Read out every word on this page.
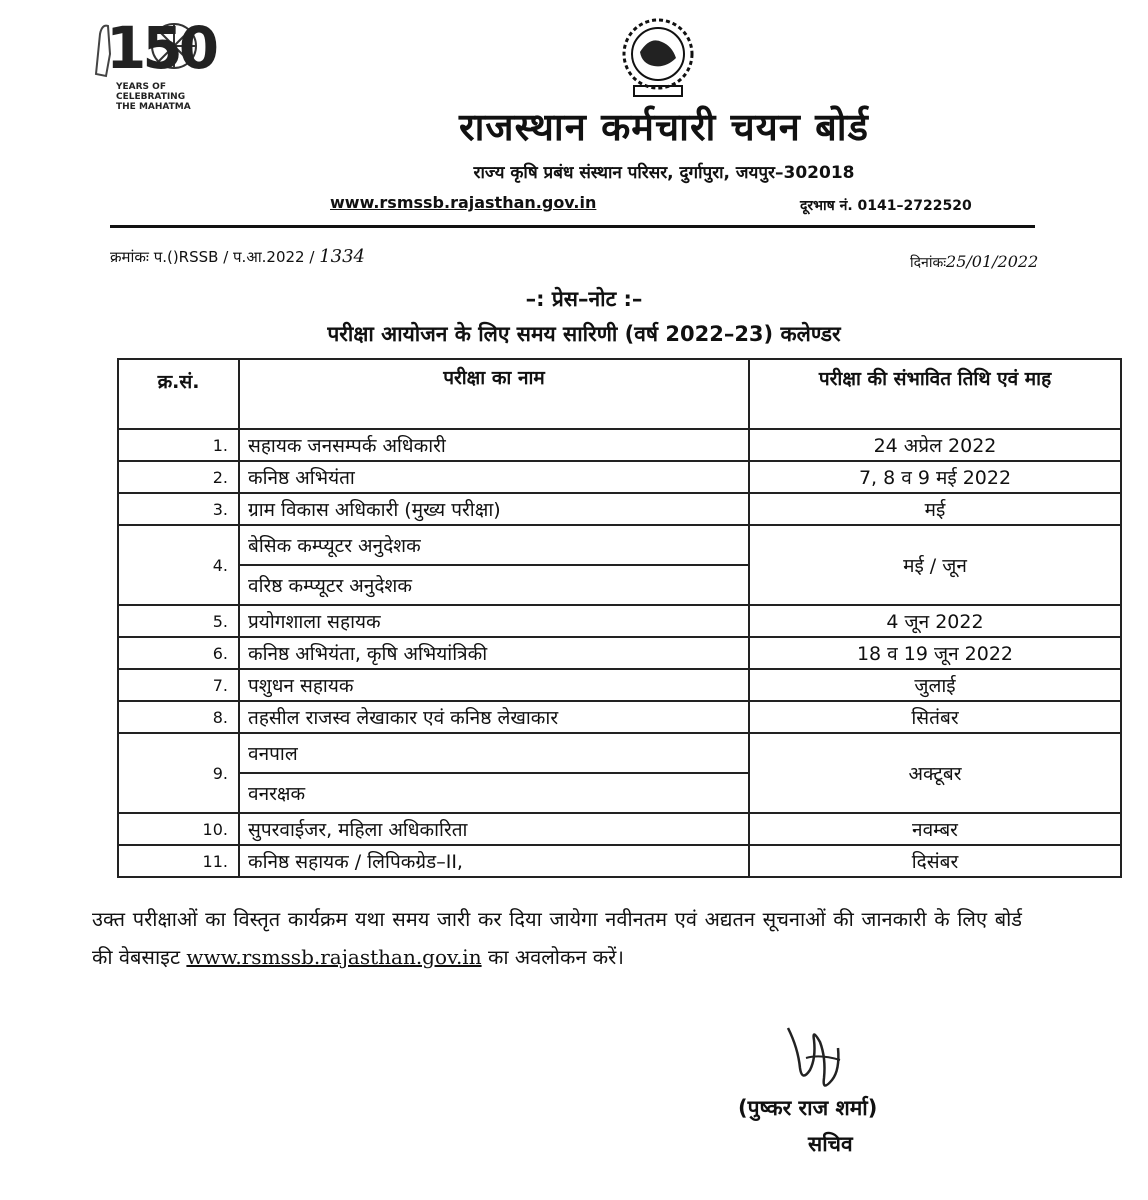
150
YEARS OF CELEBRATING THE MAHATMA	राजस्थान कर्मचारी चयन बोर्ड
राज्य कृषि प्रबंध संस्थान परिसर, दुर्गापुरा, जयपुर–302018
www.rsmssb.rajasthan.gov.in	दूरभाष नं. 0141–2722520
क्रमांकः प.()RSSB / प.आ.2022 / 1334	दिनांकः25/01/2022
–: प्रेस–नोट :–
परीक्षा आयोजन के लिए समय सारिणी (वर्ष 2022–23) कलेण्डर
क्र.सं.	परीक्षा का नाम	परीक्षा की संभावित तिथि एवं माह
1.	सहायक जनसम्पर्क अधिकारी	24 अप्रेल 2022
2.	कनिष्ठ अभियंता	7, 8 व 9 मई 2022
3.	ग्राम विकास अधिकारी (मुख्य परीक्षा)	मई
4.	बेसिक कम्प्यूटर अनुदेशक	मई / जून
	वरिष्ठ कम्प्यूटर अनुदेशक	
5.	प्रयोगशाला सहायक	4 जून 2022
6.	कनिष्ठ अभियंता, कृषि अभियांत्रिकी	18 व 19 जून 2022
7.	पशुधन सहायक	जुलाई
8.	तहसील राजस्व लेखाकार एवं कनिष्ठ लेखाकार	सितंबर
9.	वनपाल	अक्टूबर
	वनरक्षक	
10.	सुपरवाईजर, महिला अधिकारिता	नवम्बर
11.	कनिष्ठ सहायक / लिपिकग्रेड–II,	दिसंबर
उक्त परीक्षाओं का विस्तृत कार्यक्रम यथा समय जारी कर दिया जायेगा नवीनतम एवं अद्यतन सूचनाओं की जानकारी के लिए बोर्ड की वेबसाइट www.rsmssb.rajasthan.gov.in का अवलोकन करें।
(पुष्कर राज शर्मा)
सचिव
